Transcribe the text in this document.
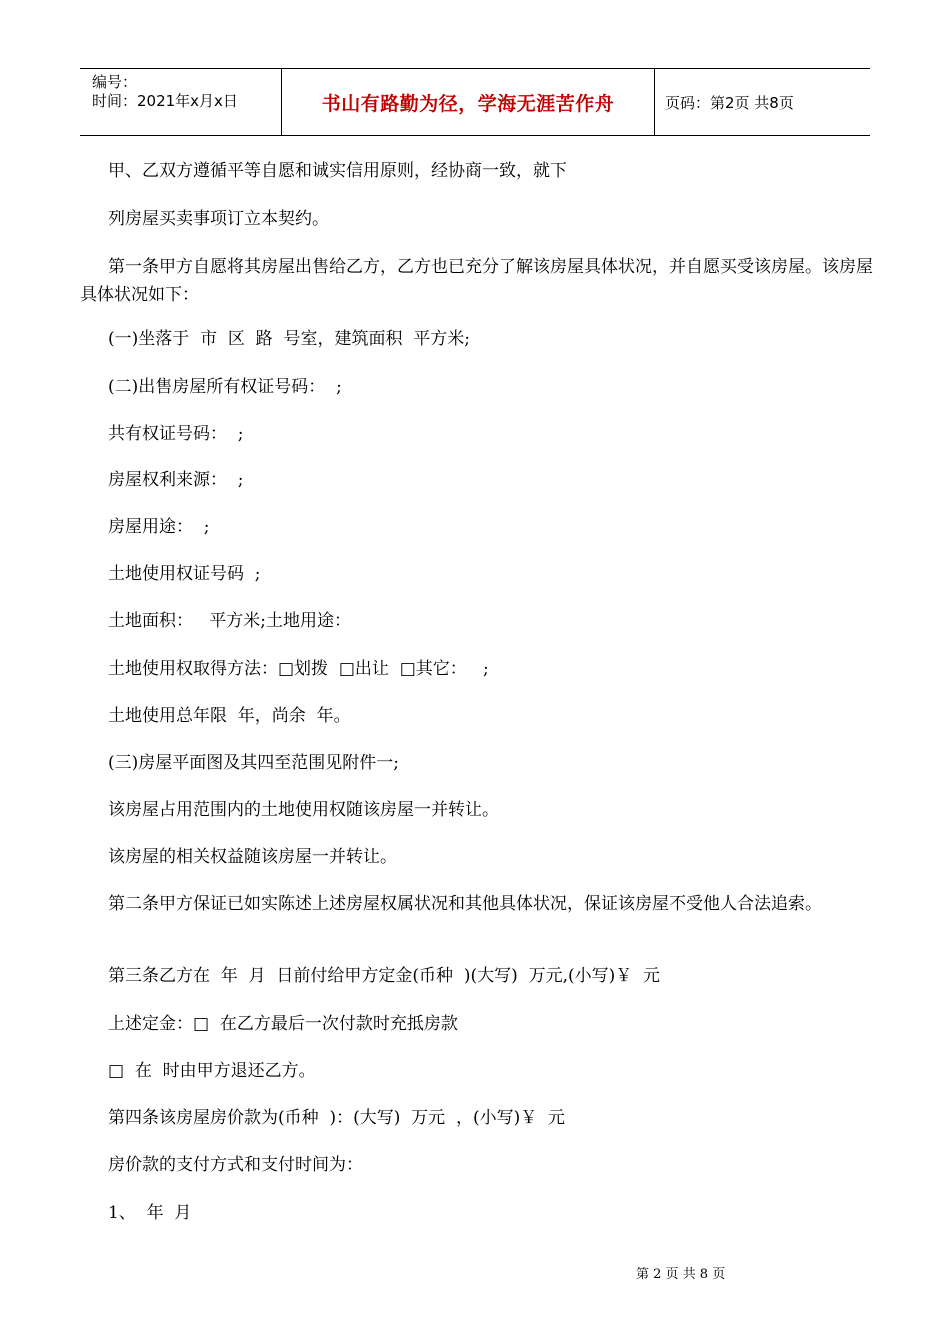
编号：
时间：2021年x月x日	书山有路勤为径，学海无涯苦作舟	页码：第2页 共8页
甲、乙双方遵循平等自愿和诚实信用原则，经协商一致，就下
列房屋买卖事项订立本契约。
第一条甲方自愿将其房屋出售给乙方，乙方也已充分了解该房屋具体状况，并自愿买受该房屋。该房屋具体状况如下：
(一)坐落于  市  区  路  号室，建筑面积  平方米;
(二)出售房屋所有权证号码：  ;
共有权证号码：  ;
房屋权利来源：  ;
房屋用途：  ;
土地使用权证号码  ;
土地面积：   平方米;土地用途：
土地使用权取得方法：□划拨  □出让  □其它：   ;
土地使用总年限  年，尚余  年。
(三)房屋平面图及其四至范围见附件一;
该房屋占用范围内的土地使用权随该房屋一并转让。
该房屋的相关权益随该房屋一并转让。
第二条甲方保证已如实陈述上述房屋权属状况和其他具体状况，保证该房屋不受他人合法追索。
第三条乙方在  年  月  日前付给甲方定金(币种  )(大写)  万元,(小写)￥  元
上述定金：□  在乙方最后一次付款时充抵房款
□  在  时由甲方退还乙方。
第四条该房屋房价款为(币种  )：(大写)  万元  ，(小写)￥  元
房价款的支付方式和支付时间为：
1、  年  月
第 2 页 共 8 页
